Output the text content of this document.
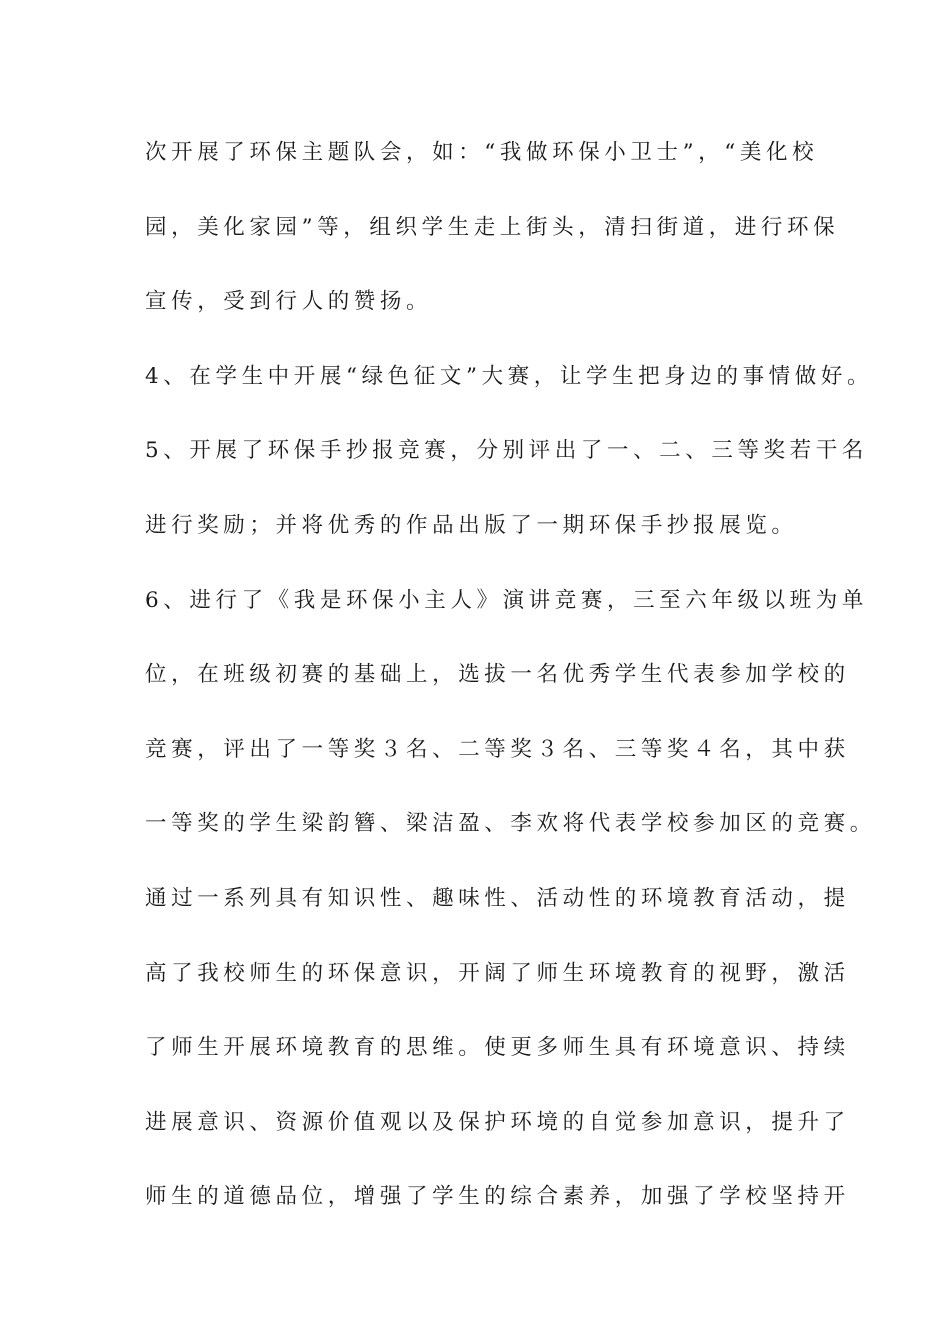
次开展了环保主题队会，如：“我做环保小卫士”，“美化校
园，美化家园”等，组织学生走上街头，清扫街道，进行环保
宣传，受到行人的赞扬。
4、在学生中开展“绿色征文”大赛，让学生把身边的事情做好。
5、开展了环保手抄报竞赛，分别评出了一、二、三等奖若干名
进行奖励；并将优秀的作品出版了一期环保手抄报展览。
6、进行了《我是环保小主人》演讲竞赛，三至六年级以班为单
位，在班级初赛的基础上，选拔一名优秀学生代表参加学校的
竞赛，评出了一等奖３名、二等奖３名、三等奖４名，其中获
一等奖的学生梁韵簪、梁洁盈、李欢将代表学校参加区的竞赛。
通过一系列具有知识性、趣味性、活动性的环境教育活动，提
高了我校师生的环保意识，开阔了师生环境教育的视野，激活
了师生开展环境教育的思维。使更多师生具有环境意识、持续
进展意识、资源价值观以及保护环境的自觉参加意识，提升了
师生的道德品位，增强了学生的综合素养，加强了学校坚持开
